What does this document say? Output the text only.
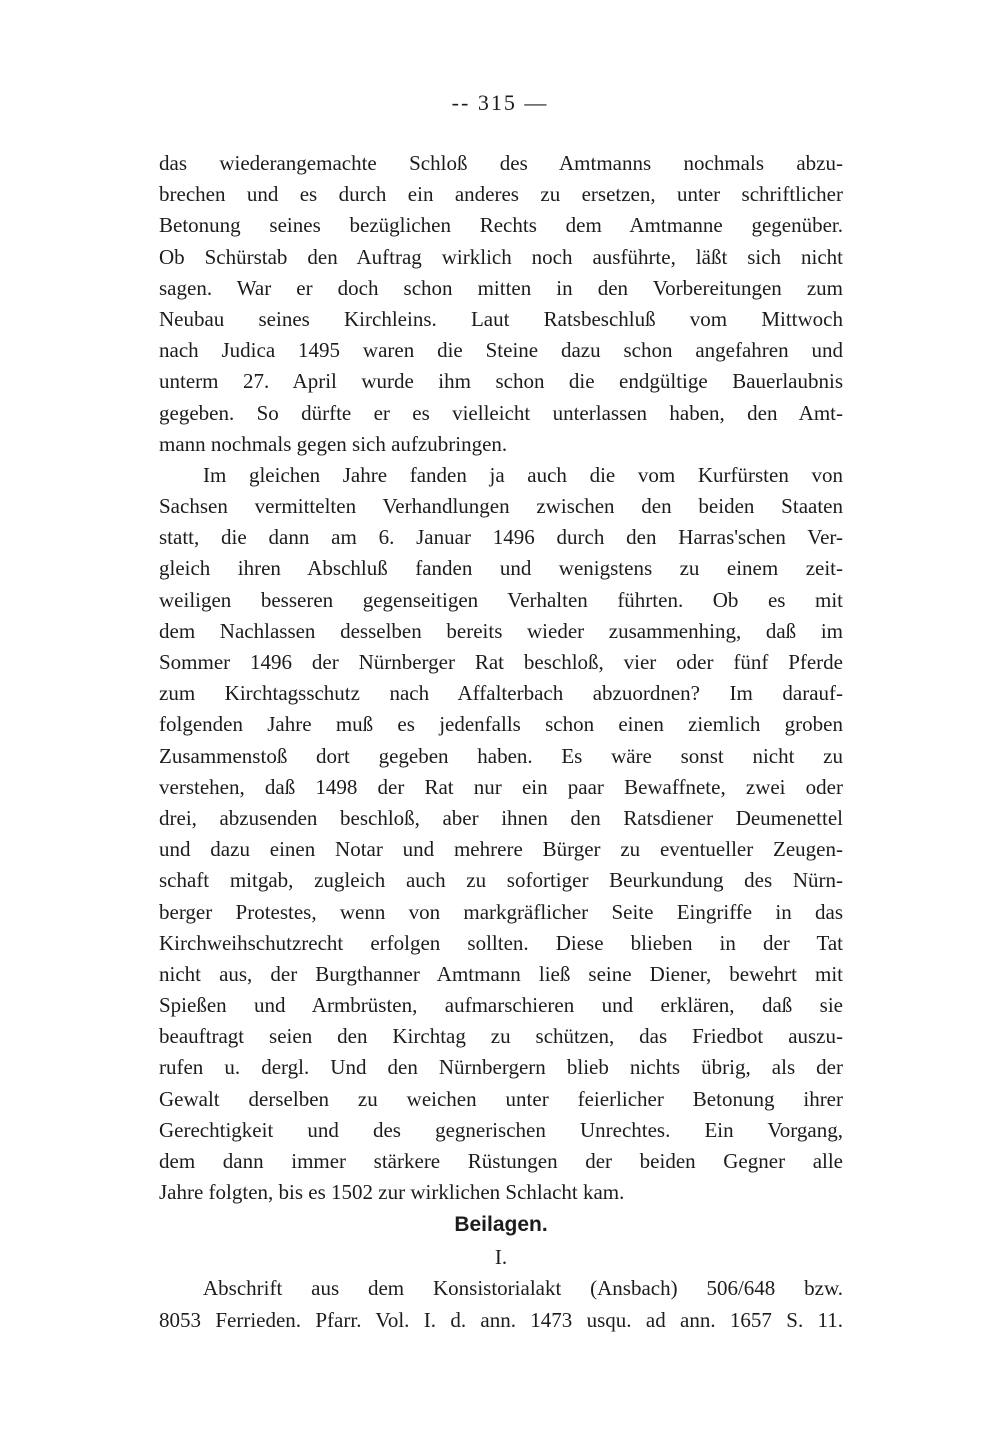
-- 315 —
das wiederangemachte Schloß des Amtmanns nochmals abzu-
brechen und es durch ein anderes zu ersetzen, unter schriftlicher
Betonung seines bezüglichen Rechts dem Amtmanne gegenüber.
Ob Schürstab den Auftrag wirklich noch ausführte, läßt sich nicht
sagen. War er doch schon mitten in den Vorbereitungen zum
Neubau seines Kirchleins. Laut Ratsbeschluß vom Mittwoch
nach Judica 1495 waren die Steine dazu schon angefahren und
unterm 27. April wurde ihm schon die endgültige Bauerlaubnis
gegeben. So dürfte er es vielleicht unterlassen haben, den Amt-
mann nochmals gegen sich aufzubringen.
Im gleichen Jahre fanden ja auch die vom Kurfürsten von
Sachsen vermittelten Verhandlungen zwischen den beiden Staaten
statt, die dann am 6. Januar 1496 durch den Harras'schen Ver-
gleich ihren Abschluß fanden und wenigstens zu einem zeit-
weiligen besseren gegenseitigen Verhalten führten. Ob es mit
dem Nachlassen desselben bereits wieder zusammenhing, daß im
Sommer 1496 der Nürnberger Rat beschloß, vier oder fünf Pferde
zum Kirchtagsschutz nach Affalterbach abzuordnen? Im darauf-
folgenden Jahre muß es jedenfalls schon einen ziemlich groben
Zusammenstoß dort gegeben haben. Es wäre sonst nicht zu
verstehen, daß 1498 der Rat nur ein paar Bewaffnete, zwei oder
drei, abzusenden beschloß, aber ihnen den Ratsdiener Deumenettel
und dazu einen Notar und mehrere Bürger zu eventueller Zeugen-
schaft mitgab, zugleich auch zu sofortiger Beurkundung des Nürn-
berger Protestes, wenn von markgräflicher Seite Eingriffe in das
Kirchweihschutzrecht erfolgen sollten. Diese blieben in der Tat
nicht aus, der Burgthanner Amtmann ließ seine Diener, bewehrt mit
Spießen und Armbrüsten, aufmarschieren und erklären, daß sie
beauftragt seien den Kirchtag zu schützen, das Friedbot auszu-
rufen u. dergl. Und den Nürnbergern blieb nichts übrig, als der
Gewalt derselben zu weichen unter feierlicher Betonung ihrer
Gerechtigkeit und des gegnerischen Unrechtes. Ein Vorgang,
dem dann immer stärkere Rüstungen der beiden Gegner alle
Jahre folgten, bis es 1502 zur wirklichen Schlacht kam.
Beilagen.
I.
Abschrift aus dem Konsistorialakt (Ansbach) 506/648 bzw.
8053 Ferrieden. Pfarr. Vol. I. d. ann. 1473 usqu. ad ann. 1657 S. 11.
